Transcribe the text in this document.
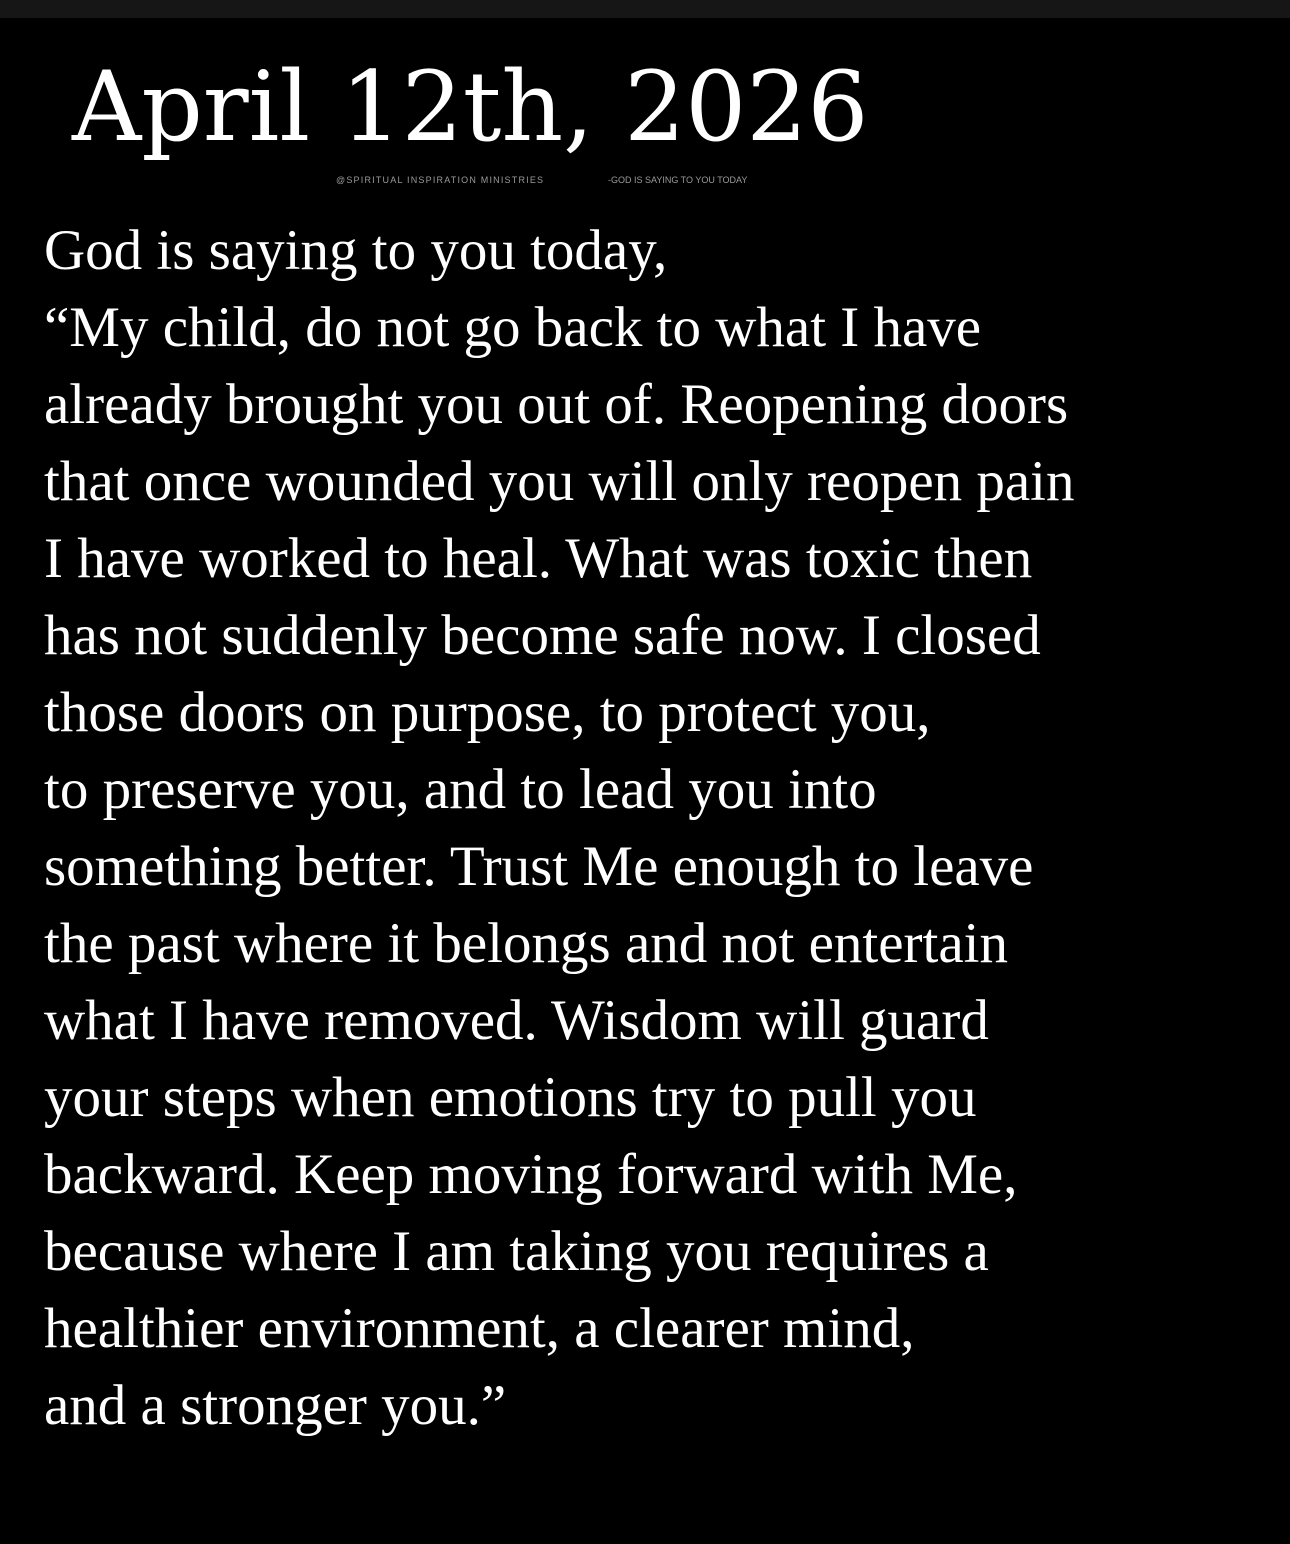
April 12th, 2026
@SPIRITUAL INSPIRATION MINISTRIES	-GOD IS SAYING TO YOU TODAY
God is saying to you today,
“My child, do not go back to what I have
already brought you out of. Reopening doors
that once wounded you will only reopen pain
I have worked to heal. What was toxic then
has not suddenly become safe now. I closed
those doors on purpose, to protect you,
to preserve you, and to lead you into
something better. Trust Me enough to leave
the past where it belongs and not entertain
what I have removed. Wisdom will guard
your steps when emotions try to pull you
backward. Keep moving forward with Me,
because where I am taking you requires a
healthier environment, a clearer mind,
and a stronger you.”
